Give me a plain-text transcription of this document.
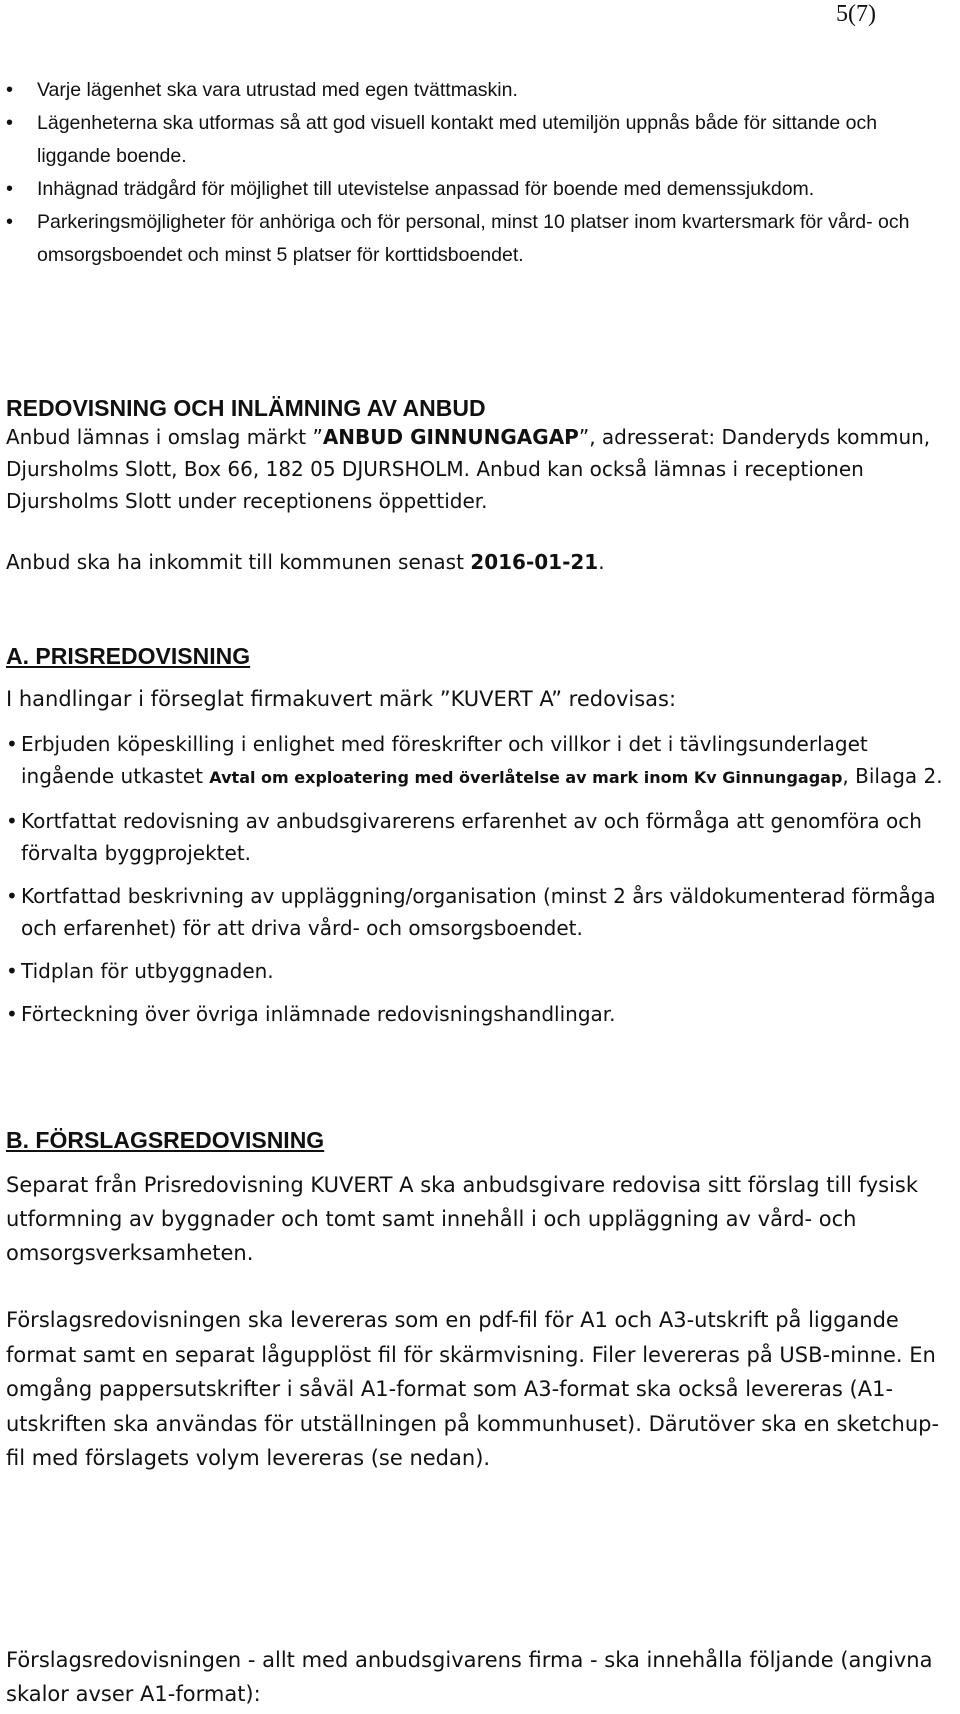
5(7)
• Varje lägenhet ska vara utrustad med egen tvättmaskin.
• Lägenheterna ska utformas så att god visuell kontakt med utemiljön uppnås både för sittande och liggande boende.
• Inhägnad trädgård för möjlighet till utevistelse anpassad för boende med demenssjukdom.
• Parkeringsmöjligheter för anhöriga och för personal, minst 10 platser inom kvartersmark för vård- och omsorgsboendet och minst 5 platser för korttidsboendet.
REDOVISNING OCH INLÄMNING AV ANBUD

Anbud lämnas i omslag märkt ”ANBUD GINNUNGAGAP”, adresserat: Danderyds kommun, Djursholms Slott, Box 66, 182 05 DJURSHOLM. Anbud kan också lämnas i receptionen Djursholms Slott under receptionens öppettider.

Anbud ska ha inkommit till kommunen senast 2016-01-21.

A. PRISREDOVISNING

I handlingar i förseglat firmakuvert märk ”KUVERT A” redovisas:

• Erbjuden köpeskilling i enlighet med föreskrifter och villkor i det i tävlingsunderlaget ingående utkastet Avtal om exploatering med överlåtelse av mark inom Kv Ginnungagap, Bilaga 2.
• Kortfattat redovisning av anbudsgivarerens erfarenhet av och förmåga att genomföra och förvalta byggprojektet.
• Kortfattad beskrivning av uppläggning/organisation (minst 2 års väldokumenterad förmåga och erfarenhet) för att driva vård- och omsorgsboendet.
• Tidplan för utbyggnaden.
• Förteckning över övriga inlämnade redovisningshandlingar.
B. FÖRSLAGSREDOVISNING

Separat från Prisredovisning KUVERT A ska anbudsgivare redovisa sitt förslag till fysisk utformning av byggnader och tomt samt innehåll i och uppläggning av vård- och omsorgsverksamheten.

Förslagsredovisningen ska levereras som en pdf-fil för A1 och A3-utskrift på liggande format samt en separat lågupplöst fil för skärmvisning. Filer levereras på USB-minne. En omgång pappersutskrifter i såväl A1-format som A3-format ska också levereras (A1-utskriften ska användas för utställningen på kommunhuset). Därutöver ska en sketchup-fil med förslagets volym levereras (se nedan).

Förslagsredovisningen - allt med anbudsgivarens firma - ska innehålla följande (angivna skalor avser A1-format):
